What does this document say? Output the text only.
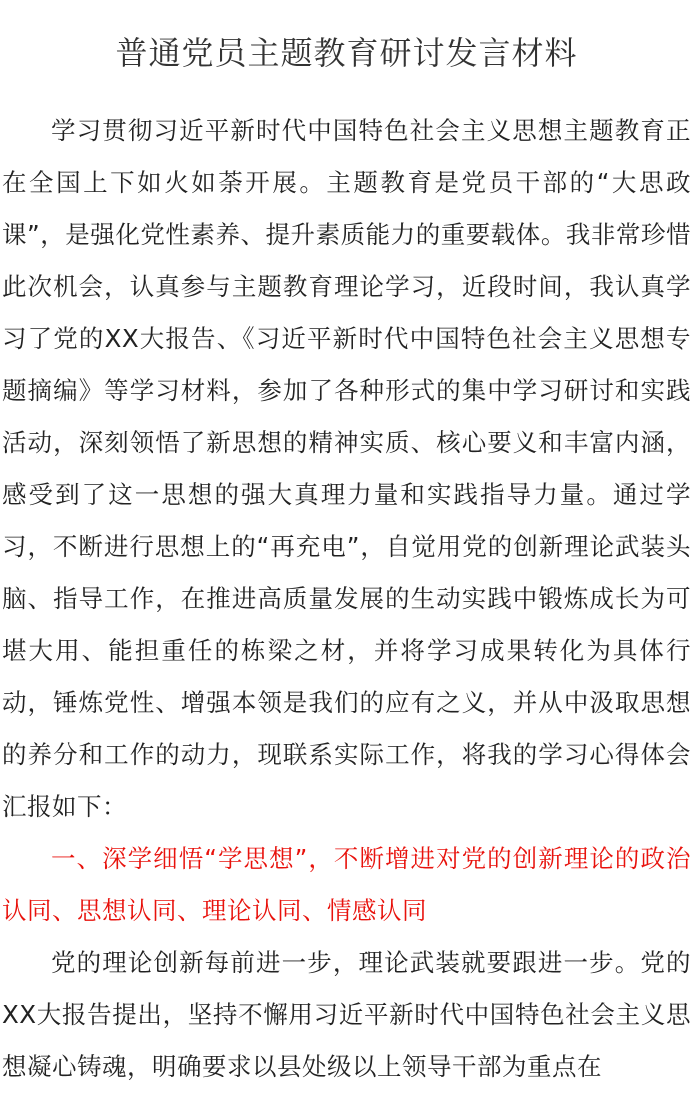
普通党员主题教育研讨发言材料

学习贯彻习近平新时代中国特色社会主义思想主题教育正在全国上下如火如荼开展。主题教育是党员干部的“大思政课”，是强化党性素养、提升素质能力的重要载体。我非常珍惜此次机会，认真参与主题教育理论学习，近段时间，我认真学习了党的XX大报告、《习近平新时代中国特色社会主义思想专题摘编》等学习材料，参加了各种形式的集中学习研讨和实践活动，深刻领悟了新思想的精神实质、核心要义和丰富内涵，感受到了这一思想的强大真理力量和实践指导力量。通过学习，不断进行思想上的“再充电”，自觉用党的创新理论武装头脑、指导工作，在推进高质量发展的生动实践中锻炼成长为可堪大用、能担重任的栋梁之材，并将学习成果转化为具体行动，锤炼党性、增强本领是我们的应有之义，并从中汲取思想的养分和工作的动力，现联系实际工作，将我的学习心得体会汇报如下：

一、深学细悟“学思想”，不断增进对党的创新理论的政治认同、思想认同、理论认同、情感认同

党的理论创新每前进一步，理论武装就要跟进一步。党的XX大报告提出，坚持不懈用习近平新时代中国特色社会主义思想凝心铸魂，明确要求以县处级以上领导干部为重点在
